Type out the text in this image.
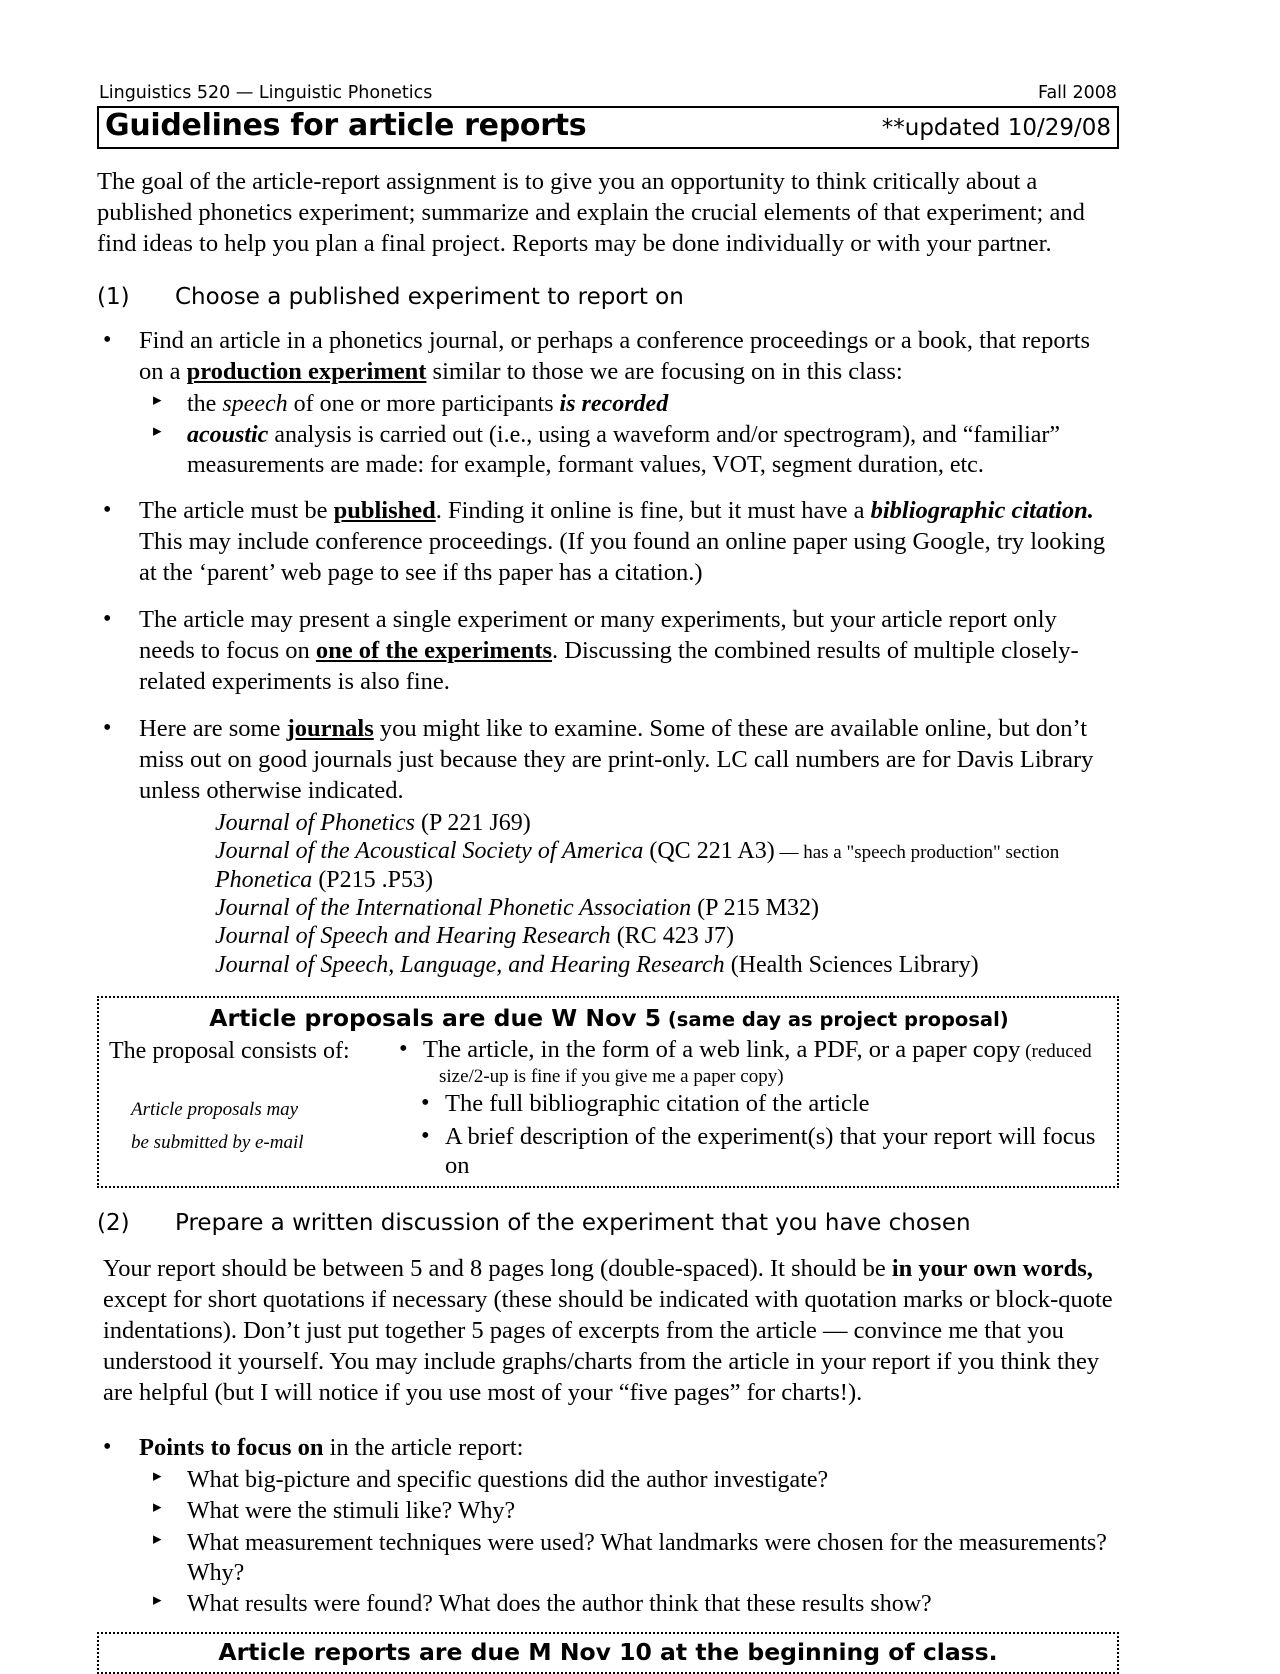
Linguistics 520 — Linguistic Phonetics	Fall 2008
Guidelines for article reports	**updated 10/29/08

The goal of the article-report assignment is to give you an opportunity to think critically about a published phonetics experiment; summarize and explain the crucial elements of that experiment; and find ideas to help you plan a final project. Reports may be done individually or with your partner.

(1)	Choose a published experiment to report on
• Find an article in a phonetics journal, or perhaps a conference proceedings or a book, that reports on a production experiment similar to those we are focusing on in this class:
▸ the speech of one or more participants is recorded
▸ acoustic analysis is carried out (i.e., using a waveform and/or spectrogram), and “familiar” measurements are made: for example, formant values, VOT, segment duration, etc.
• The article must be published. Finding it online is fine, but it must have a bibliographic citation. This may include conference proceedings. (If you found an online paper using Google, try looking at the ‘parent’ web page to see if ths paper has a citation.)
• The article may present a single experiment or many experiments, but your article report only needs to focus on one of the experiments. Discussing the combined results of multiple closely-related experiments is also fine.
• Here are some journals you might like to examine. Some of these are available online, but don’t miss out on good journals just because they are print-only. LC call numbers are for Davis Library unless otherwise indicated.
Journal of Phonetics (P 221 J69)
Journal of the Acoustical Society of America (QC 221 A3) — has a "speech production" section
Phonetica (P215 .P53)
Journal of the International Phonetic Association (P 215 M32)
Journal of Speech and Hearing Research (RC 423 J7)
Journal of Speech, Language, and Hearing Research (Health Sciences Library)
Article proposals are due W Nov 5 (same day as project proposal)
The proposal consists of:	• The article, in the form of a web link, a PDF, or a paper copy (reduced
size/2-up is fine if you give me a paper copy)
Article proposals may	• The full bibliographic citation of the article
be submitted by e-mail	• A brief description of the experiment(s) that your report will focus on
(2)	Prepare a written discussion of the experiment that you have chosen

Your report should be between 5 and 8 pages long (double-spaced). It should be in your own words, except for short quotations if necessary (these should be indicated with quotation marks or block-quote indentations). Don’t just put together 5 pages of excerpts from the article — convince me that you understood it yourself. You may include graphs/charts from the article in your report if you think they are helpful (but I will notice if you use most of your “five pages” for charts!).

• Points to focus on in the article report:
▸ What big-picture and specific questions did the author investigate?
▸ What were the stimuli like? Why?
▸ What measurement techniques were used? What landmarks were chosen for the measurements? Why?
▸ What results were found? What does the author think that these results show?
Article reports are due M Nov 10 at the beginning of class.
